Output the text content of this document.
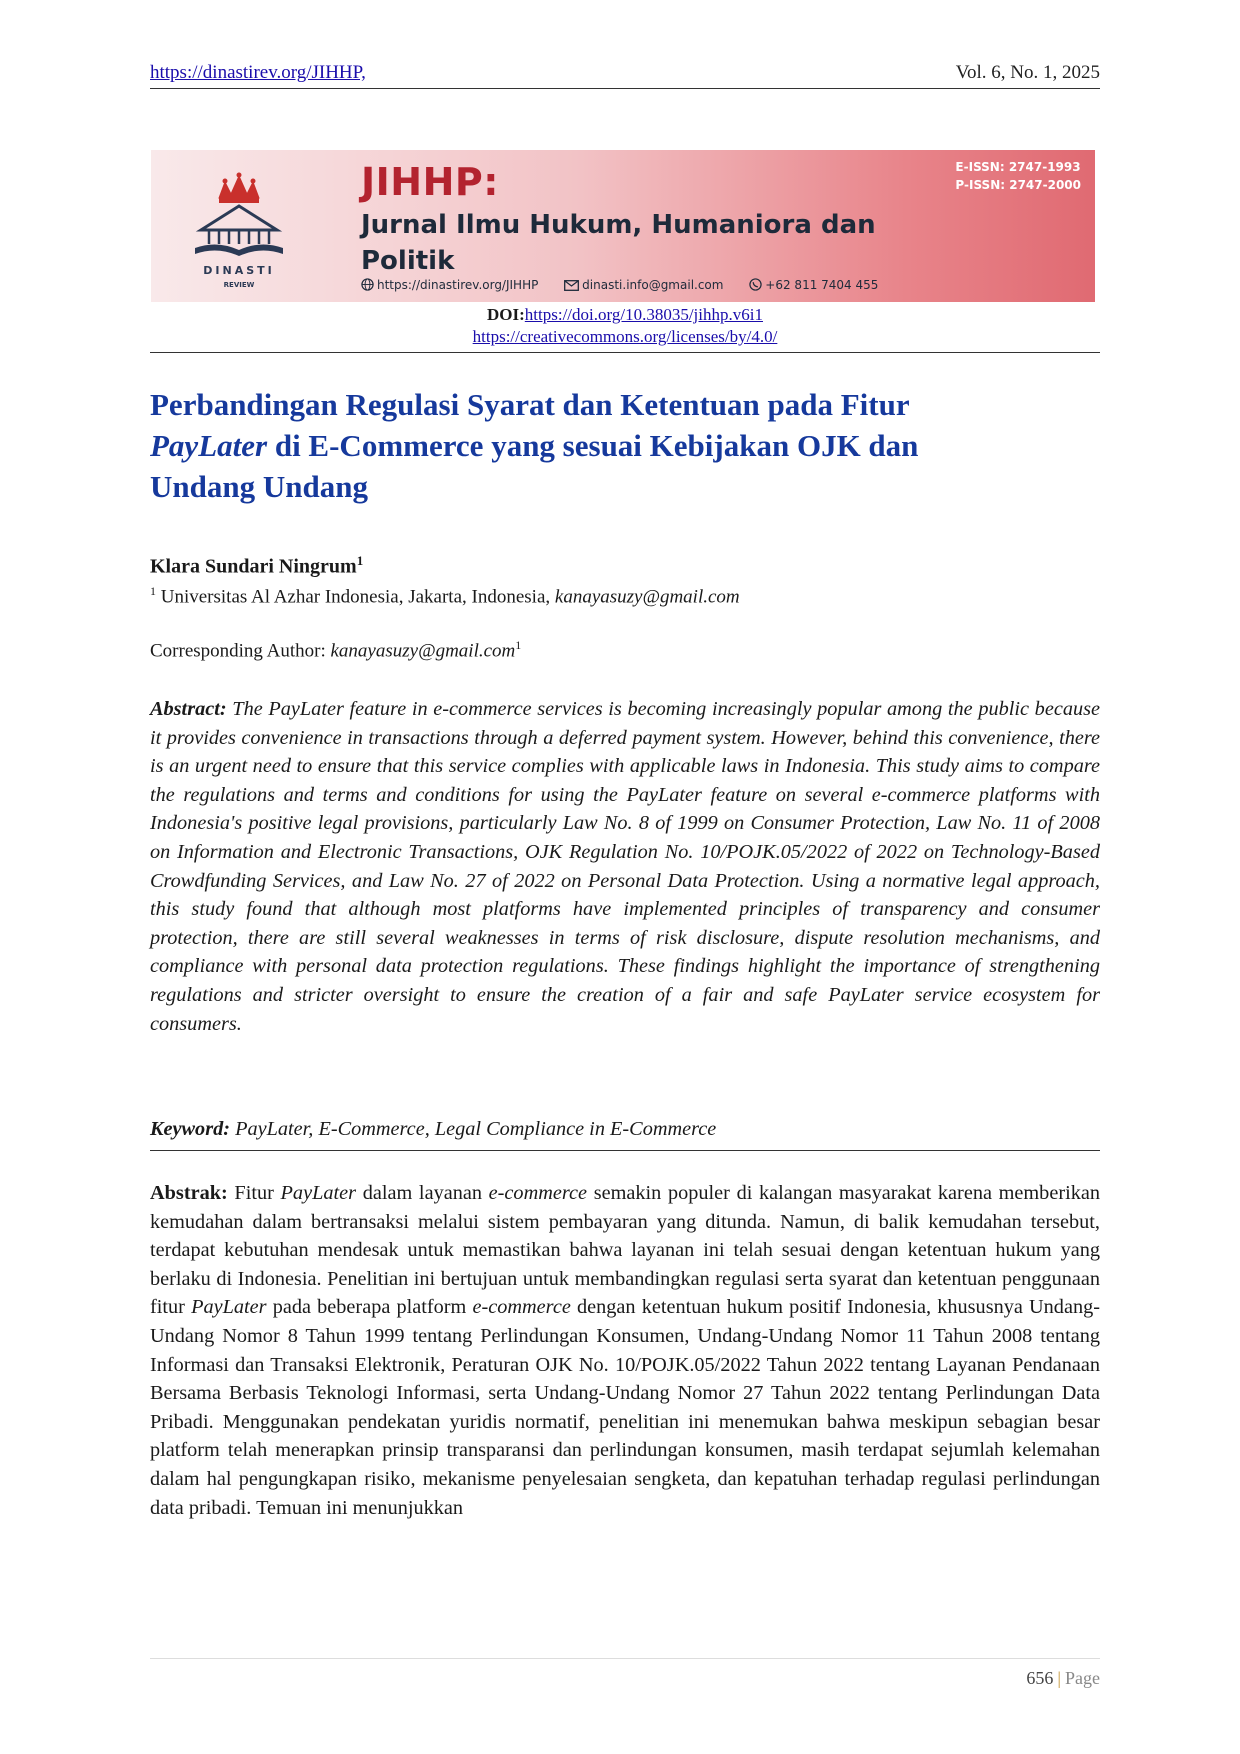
https://dinastirev.org/JIHHP,	Vol. 6, No. 1, 2025
DINASTI
REVIEW
JIHHP:
Jurnal Ilmu Hukum, Humaniora dan
Politik
https://dinastirev.org/JIHHP	dinasti.info@gmail.com	+62 811 7404 455
E-ISSN: 2747-1993
P-ISSN: 2747-2000
DOI:https://doi.org/10.38035/jihhp.v6i1
https://creativecommons.org/licenses/by/4.0/
Perbandingan Regulasi Syarat dan Ketentuan pada Fitur
PayLater di E-Commerce yang sesuai Kebijakan OJK dan
Undang Undang
Klara Sundari Ningrum$^1$
$^1$ Universitas Al Azhar Indonesia, Jakarta, Indonesia, kanayasuzy@gmail.com
Corresponding Author: kanayasuzy@gmail.com$^1$
Abstract: The PayLater feature in e-commerce services is becoming increasingly popular among the public because it provides convenience in transactions through a deferred payment system. However, behind this convenience, there is an urgent need to ensure that this service complies with applicable laws in Indonesia. This study aims to compare the regulations and terms and conditions for using the PayLater feature on several e-commerce platforms with Indonesia's positive legal provisions, particularly Law No. 8 of 1999 on Consumer Protection, Law No. 11 of 2008 on Information and Electronic Transactions, OJK Regulation No. 10/POJK.05/2022 of 2022 on Technology-Based Crowdfunding Services, and Law No. 27 of 2022 on Personal Data Protection. Using a normative legal approach, this study found that although most platforms have implemented principles of transparency and consumer protection, there are still several weaknesses in terms of risk disclosure, dispute resolution mechanisms, and compliance with personal data protection regulations. These findings highlight the importance of strengthening regulations and stricter oversight to ensure the creation of a fair and safe PayLater service ecosystem for consumers.
Keyword: PayLater, E-Commerce, Legal Compliance in E-Commerce
Abstrak: Fitur PayLater dalam layanan e-commerce semakin populer di kalangan masyarakat karena memberikan kemudahan dalam bertransaksi melalui sistem pembayaran yang ditunda. Namun, di balik kemudahan tersebut, terdapat kebutuhan mendesak untuk memastikan bahwa layanan ini telah sesuai dengan ketentuan hukum yang berlaku di Indonesia. Penelitian ini bertujuan untuk membandingkan regulasi serta syarat dan ketentuan penggunaan fitur PayLater pada beberapa platform e-commerce dengan ketentuan hukum positif Indonesia, khususnya Undang-Undang Nomor 8 Tahun 1999 tentang Perlindungan Konsumen, Undang-Undang Nomor 11 Tahun 2008 tentang Informasi dan Transaksi Elektronik, Peraturan OJK No. 10/POJK.05/2022 Tahun 2022 tentang Layanan Pendanaan Bersama Berbasis Teknologi Informasi, serta Undang-Undang Nomor 27 Tahun 2022 tentang Perlindungan Data Pribadi. Menggunakan pendekatan yuridis normatif, penelitian ini menemukan bahwa meskipun sebagian besar platform telah menerapkan prinsip transparansi dan perlindungan konsumen, masih terdapat sejumlah kelemahan dalam hal pengungkapan risiko, mekanisme penyelesaian sengketa, dan kepatuhan terhadap regulasi perlindungan data pribadi. Temuan ini menunjukkan
656 | Page
